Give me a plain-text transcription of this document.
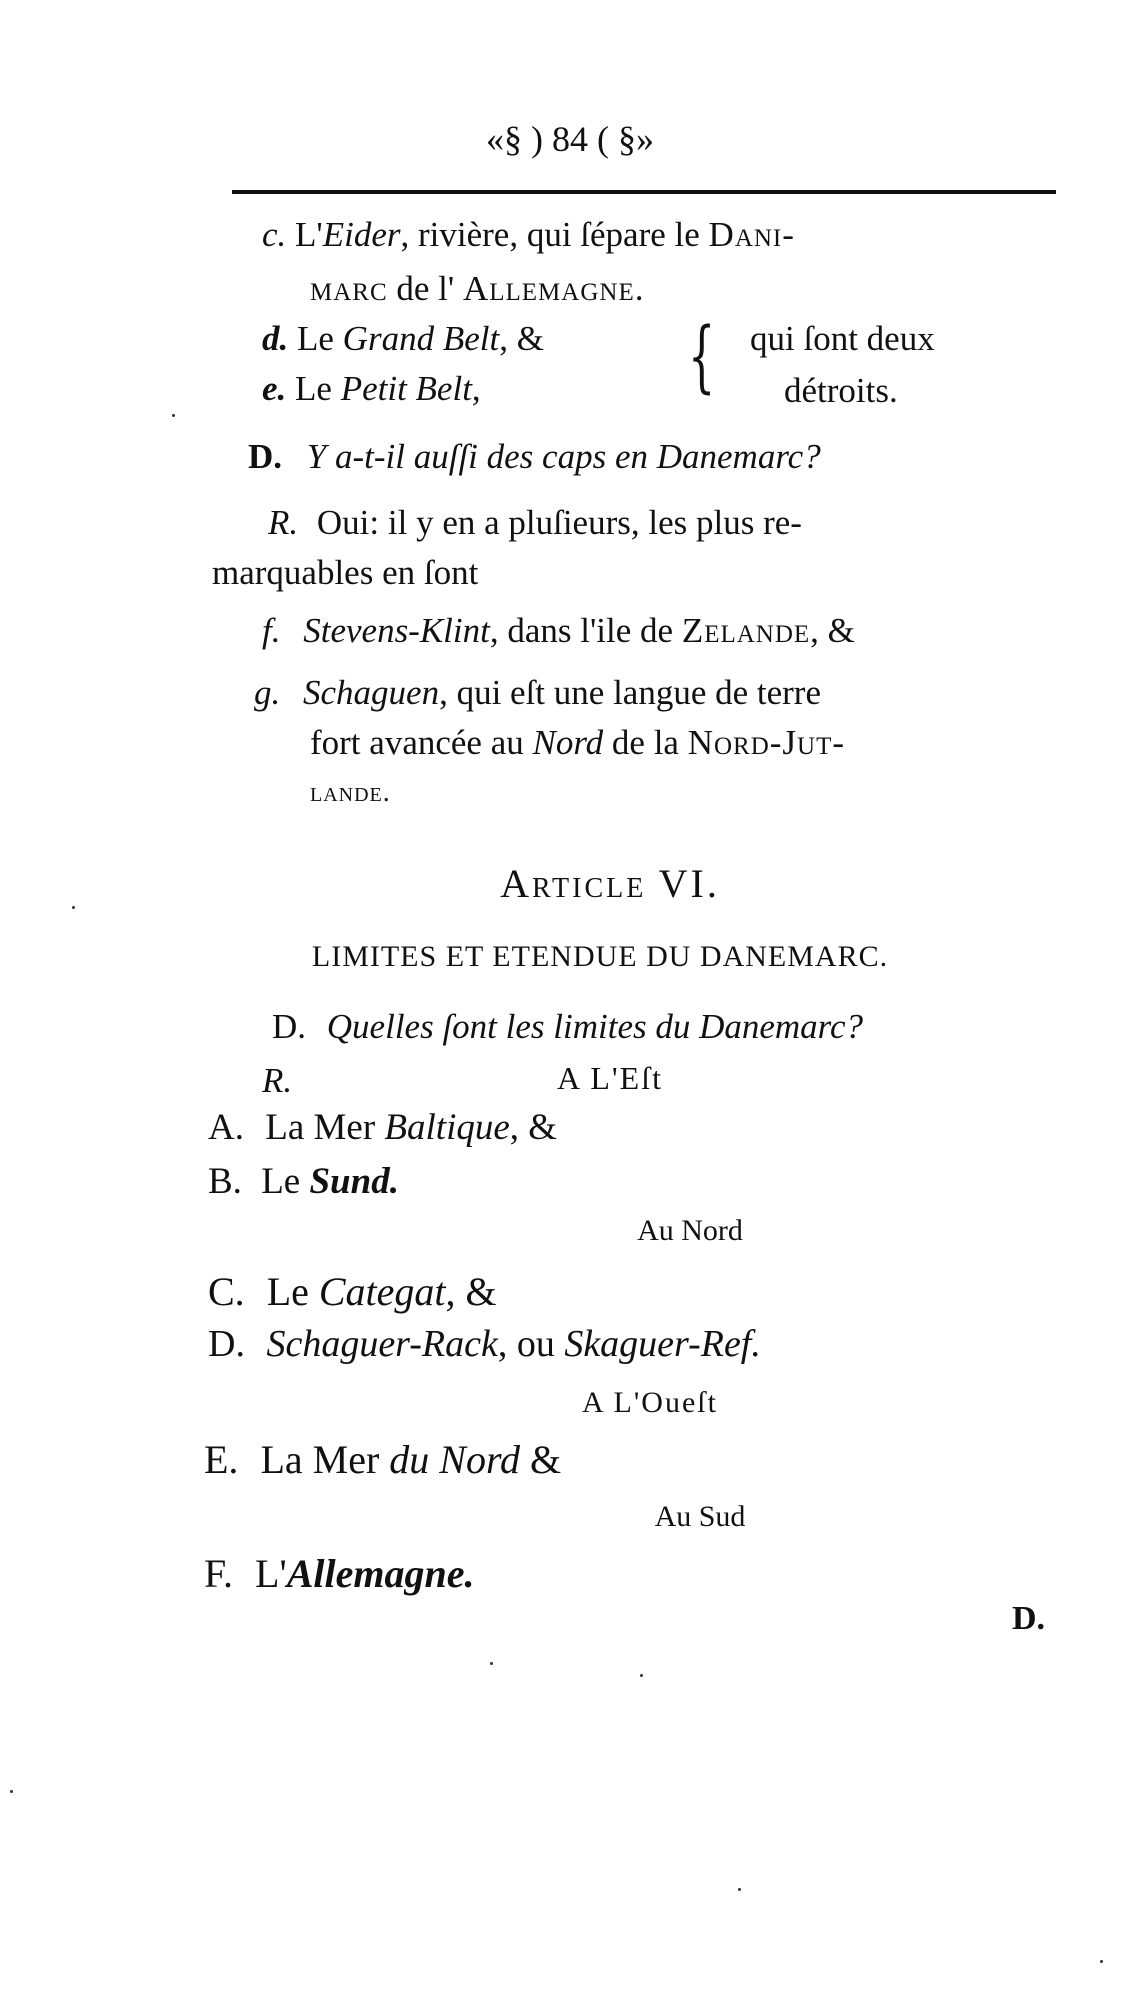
«§ ) 84 ( §»
c. L'Eider, rivière, qui ſépare le Dani-
marc de l' Allemagne.
d. Le Grand Belt, &	qui ſont deux
{
e. Le Petit Belt,	détroits.
D. Y a-t-il auſſi des caps en Danemarc?
R. Oui: il y en a pluſieurs, les plus re-
marquables en ſont
f. Stevens-Klint, dans l'ile de Zelande, &
g. Schaguen, qui eſt une langue de terre
fort avancée au Nord de la Nord-Jut-
lande.
Article VI.
LIMITES ET ETENDUE DU DANEMARC.
D. Quelles ſont les limites du Danemarc?
R.	A L'Eſt
A. La Mer Baltique, &
B. Le Sund.
Au Nord
C. Le Categat, &
D. Schaguer-Rack, ou Skaguer-Ref.
A L'Oueſt
E. La Mer du Nord &
Au Sud
F. L'Allemagne.
D.
